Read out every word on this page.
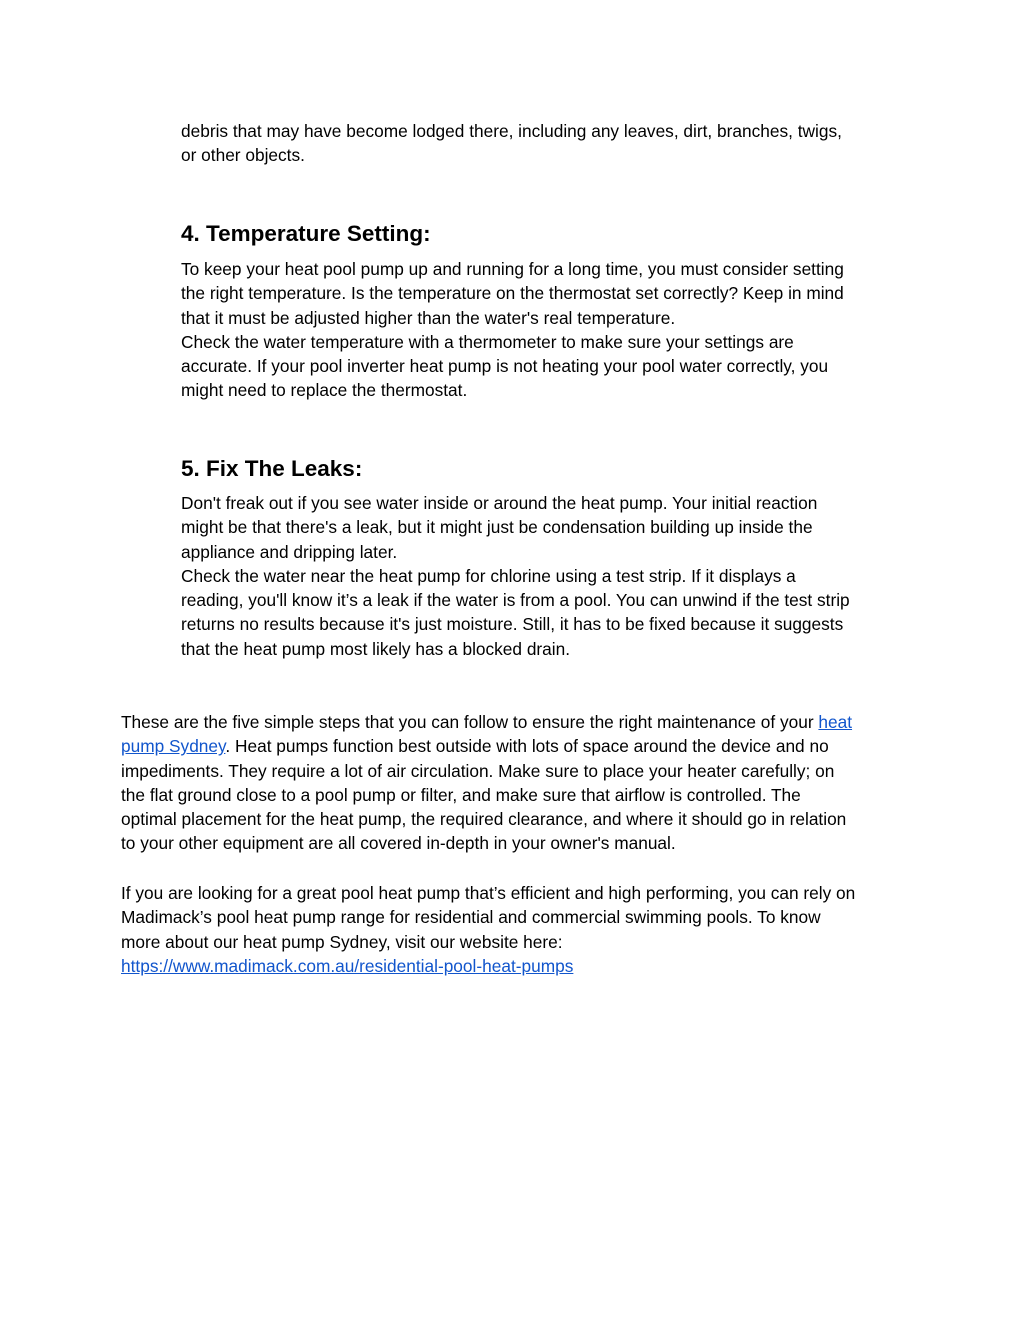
debris that may have become lodged there, including any leaves, dirt, branches, twigs,
or other objects.

4. Temperature Setting:

To keep your heat pool pump up and running for a long time, you must consider setting
the right temperature. Is the temperature on the thermostat set correctly? Keep in mind
that it must be adjusted higher than the water's real temperature.
Check the water temperature with a thermometer to make sure your settings are
accurate. If your pool inverter heat pump is not heating your pool water correctly, you
might need to replace the thermostat.

5. Fix The Leaks:

Don't freak out if you see water inside or around the heat pump. Your initial reaction
might be that there's a leak, but it might just be condensation building up inside the
appliance and dripping later.
Check the water near the heat pump for chlorine using a test strip. If it displays a
reading, you'll know it’s a leak if the water is from a pool. You can unwind if the test strip
returns no results because it's just moisture. Still, it has to be fixed because it suggests
that the heat pump most likely has a blocked drain.

These are the five simple steps that you can follow to ensure the right maintenance of your heat
pump Sydney. Heat pumps function best outside with lots of space around the device and no
impediments. They require a lot of air circulation. Make sure to place your heater carefully; on
the flat ground close to a pool pump or filter, and make sure that airflow is controlled. The
optimal placement for the heat pump, the required clearance, and where it should go in relation
to your other equipment are all covered in-depth in your owner's manual.

If you are looking for a great pool heat pump that’s efficient and high performing, you can rely on
Madimack’s pool heat pump range for residential and commercial swimming pools. To know
more about our heat pump Sydney, visit our website here:
https://www.madimack.com.au/residential-pool-heat-pumps
